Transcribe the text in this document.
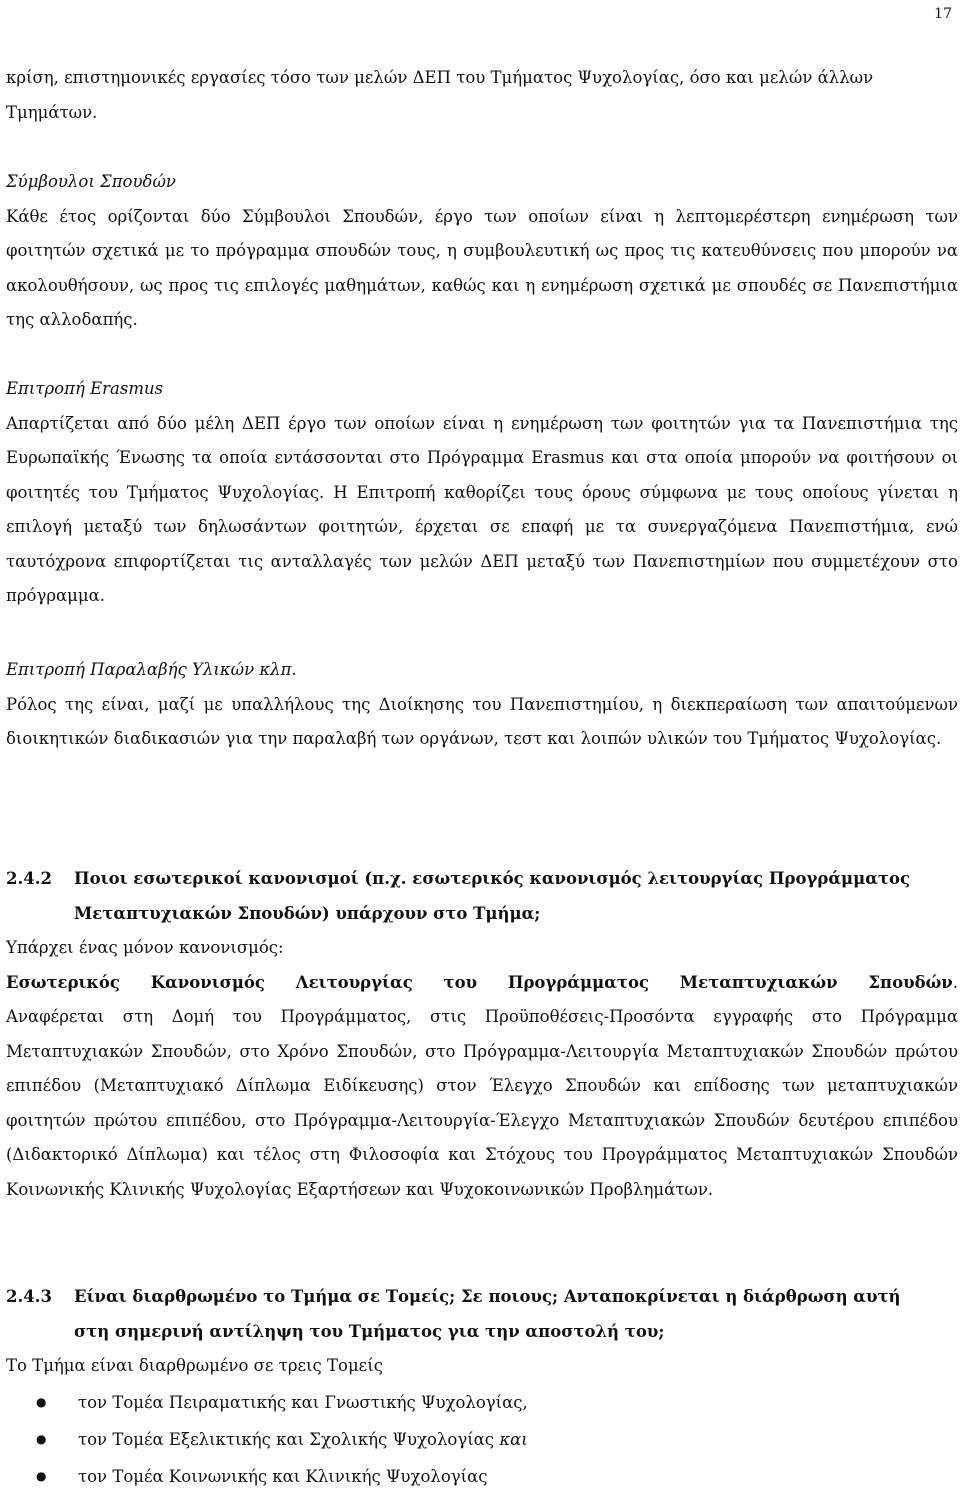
17

κρίση, επιστημονικές εργασίες τόσο των μελών ΔΕΠ του Τμήματος Ψυχολογίας, όσο και μελών άλλων
Τμημάτων.

Σύμβουλοι Σπουδών
Κάθε έτος ορίζονται δύο Σύμβουλοι Σπουδών, έργο των οποίων είναι η λεπτομερέστερη ενημέρωση των φοιτητών σχετικά με το πρόγραμμα σπουδών τους, η συμβουλευτική ως προς τις κατευθύνσεις που μπορούν να ακολουθήσουν, ως προς τις επιλογές μαθημάτων, καθώς και η ενημέρωση σχετικά με σπουδές σε Πανεπιστήμια της αλλοδαπής.

Επιτροπή Erasmus
Απαρτίζεται από δύο μέλη ΔΕΠ έργο των οποίων είναι η ενημέρωση των φοιτητών για τα Πανεπιστήμια της Ευρωπαϊκής Ένωσης τα οποία εντάσσονται στο Πρόγραμμα Erasmus και στα οποία μπορούν να φοιτήσουν οι φοιτητές του Τμήματος Ψυχολογίας. Η Επιτροπή καθορίζει τους όρους σύμφωνα με τους οποίους γίνεται η επιλογή μεταξύ των δηλωσάντων φοιτητών, έρχεται σε επαφή με τα συνεργαζόμενα Πανεπιστήμια, ενώ ταυτόχρονα επιφορτίζεται τις ανταλλαγές των μελών ΔΕΠ μεταξύ των Πανεπιστημίων που συμμετέχουν στο πρόγραμμα.

Επιτροπή Παραλαβής Υλικών κλπ.
Ρόλος της είναι, μαζί με υπαλλήλους της Διοίκησης του Πανεπιστημίου, η διεκπεραίωση των απαιτούμενων διοικητικών διαδικασιών για την παραλαβή των οργάνων, τεστ και λοιπών υλικών του Τμήματος Ψυχολογίας.

2.4.2 Ποιοι εσωτερικοί κανονισμοί (π.χ. εσωτερικός κανονισμός λειτουργίας Προγράμματος
Μεταπτυχιακών Σπουδών) υπάρχουν στο Τμήμα;

Υπάρχει ένας μόνον κανονισμός:

Εσωτερικός Κανονισμός Λειτουργίας του Προγράμματος Μεταπτυχιακών Σπουδών.
Αναφέρεται στη Δομή του Προγράμματος, στις Προϋποθέσεις-Προσόντα εγγραφής στο Πρόγραμμα Μεταπτυχιακών Σπουδών, στο Χρόνο Σπουδών, στο Πρόγραμμα-Λειτουργία Μεταπτυχιακών Σπουδών πρώτου επιπέδου (Μεταπτυχιακό Δίπλωμα Ειδίκευσης) στον Έλεγχο Σπουδών και επίδοσης των μεταπτυχιακών φοιτητών πρώτου επιπέδου, στο Πρόγραμμα-Λειτουργία-Έλεγχο Μεταπτυχιακών Σπουδών δευτέρου επιπέδου (Διδακτορικό Δίπλωμα) και τέλος στη Φιλοσοφία και Στόχους του Προγράμματος Μεταπτυχιακών Σπουδών Κοινωνικής Κλινικής Ψυχολογίας Εξαρτήσεων και Ψυχοκοινωνικών Προβλημάτων.

2.4.3 Είναι διαρθρωμένο το Τμήμα σε Τομείς; Σε ποιους; Ανταποκρίνεται η διάρθρωση αυτή
στη σημερινή αντίληψη του Τμήματος για την αποστολή του;

Το Τμήμα είναι διαρθρωμένο σε τρεις Τομείς

● τον Τομέα Πειραματικής και Γνωστικής Ψυχολογίας,
● τον Τομέα Εξελικτικής και Σχολικής Ψυχολογίας και
● τον Τομέα Κοινωνικής και Κλινικής Ψυχολογίας
